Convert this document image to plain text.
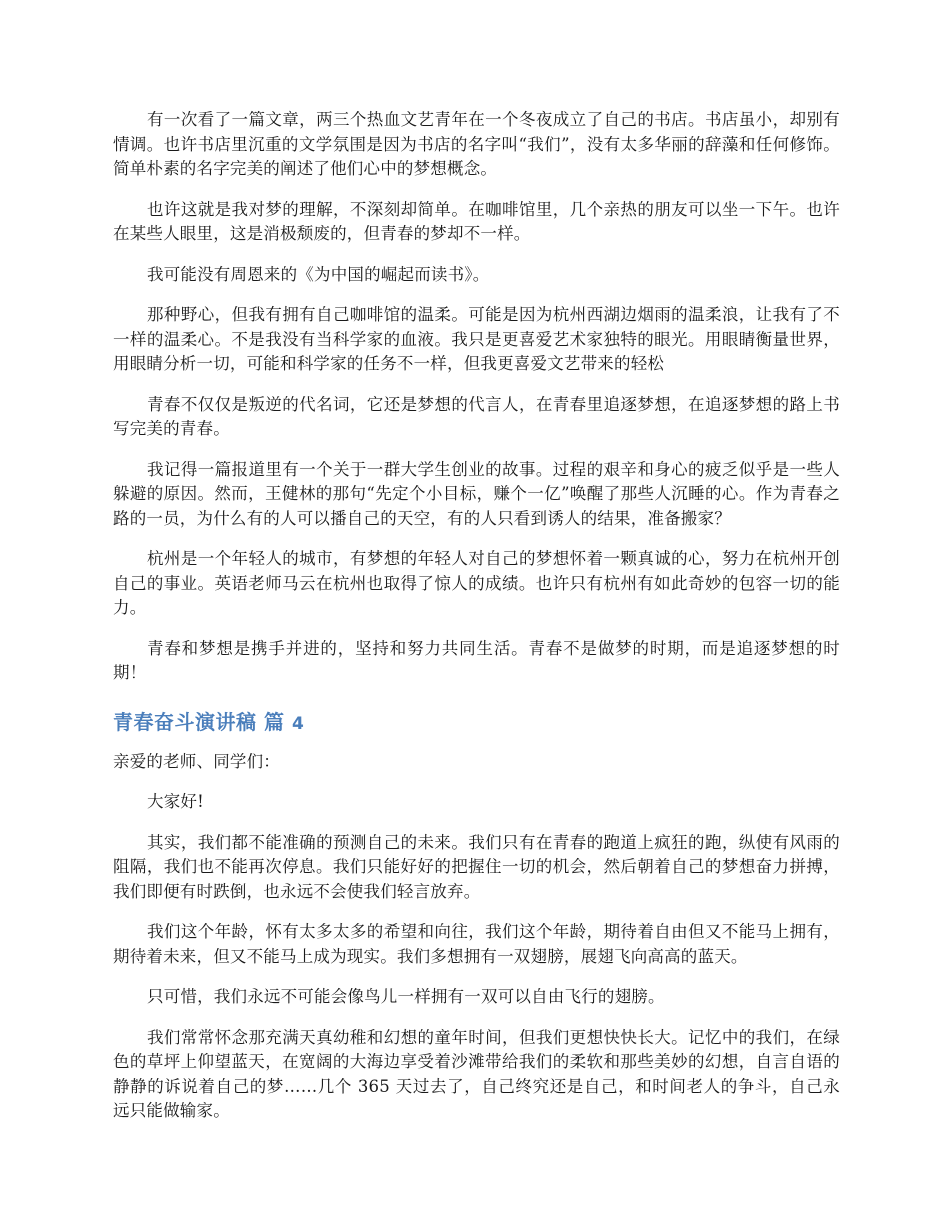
有一次看了一篇文章，两三个热血文艺青年在一个冬夜成立了自己的书店。书店虽小，却别有情调。也许书店里沉重的文学氛围是因为书店的名字叫“我们”，没有太多华丽的辞藻和任何修饰。简单朴素的名字完美的阐述了他们心中的梦想概念。

也许这就是我对梦的理解，不深刻却简单。在咖啡馆里，几个亲热的朋友可以坐一下午。也许在某些人眼里，这是消极颓废的，但青春的梦却不一样。

我可能没有周恩来的《为中国的崛起而读书》。

那种野心，但我有拥有自己咖啡馆的温柔。可能是因为杭州西湖边烟雨的温柔浪，让我有了不一样的温柔心。不是我没有当科学家的血液。我只是更喜爱艺术家独特的眼光。用眼睛衡量世界，用眼睛分析一切，可能和科学家的任务不一样，但我更喜爱文艺带来的轻松

青春不仅仅是叛逆的代名词，它还是梦想的代言人，在青春里追逐梦想，在追逐梦想的路上书写完美的青春。

我记得一篇报道里有一个关于一群大学生创业的故事。过程的艰辛和身心的疲乏似乎是一些人躲避的原因。然而，王健林的那句“先定个小目标，赚个一亿”唤醒了那些人沉睡的心。作为青春之路的一员，为什么有的人可以播自己的天空，有的人只看到诱人的结果，准备搬家？

杭州是一个年轻人的城市，有梦想的年轻人对自己的梦想怀着一颗真诚的心，努力在杭州开创自己的事业。英语老师马云在杭州也取得了惊人的成绩。也许只有杭州有如此奇妙的包容一切的能力。

青春和梦想是携手并进的，坚持和努力共同生活。青春不是做梦的时期，而是追逐梦想的时期！

青春奋斗演讲稿 篇 4

亲爱的老师、同学们：

大家好!

其实，我们都不能准确的预测自己的未来。我们只有在青春的跑道上疯狂的跑，纵使有风雨的阻隔，我们也不能再次停息。我们只能好好的把握住一切的机会，然后朝着自己的梦想奋力拼搏，我们即便有时跌倒，也永远不会使我们轻言放弃。

我们这个年龄，怀有太多太多的希望和向往，我们这个年龄，期待着自由但又不能马上拥有，期待着未来，但又不能马上成为现实。我们多想拥有一双翅膀，展翅飞向高高的蓝天。

只可惜，我们永远不可能会像鸟儿一样拥有一双可以自由飞行的翅膀。

我们常常怀念那充满天真幼稚和幻想的童年时间，但我们更想快快长大。记忆中的我们，在绿色的草坪上仰望蓝天，在宽阔的大海边享受着沙滩带给我们的柔软和那些美妙的幻想，自言自语的静静的诉说着自己的梦……几个 365 天过去了，自己终究还是自己，和时间老人的争斗，自己永远只能做输家。
